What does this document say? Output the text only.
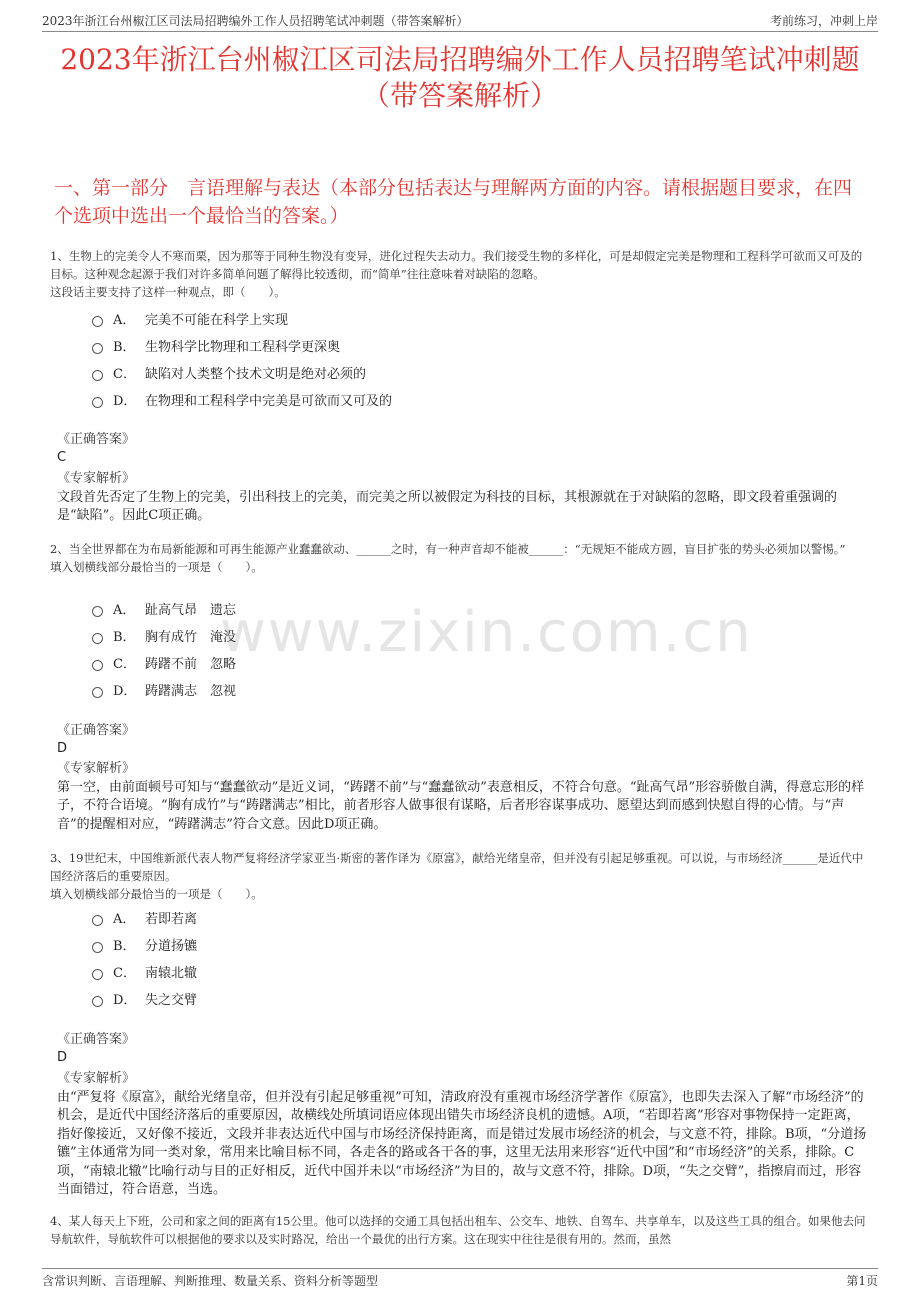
2023年浙江台州椒江区司法局招聘编外工作人员招聘笔试冲刺题（带答案解析）	考前练习，冲刺上岸
2023年浙江台州椒江区司法局招聘编外工作人员招聘笔试冲刺题（带答案解析）
一、第一部分　言语理解与表达（本部分包括表达与理解两方面的内容。请根据题目要求，在四个选项中选出一个最恰当的答案。）
www.zixin.com.cn
1、生物上的完美令人不寒而栗，因为那等于同种生物没有变异，进化过程失去动力。我们接受生物的多样化，可是却假定完美是物理和工程科学可欲而又可及的目标。这种观念起源于我们对许多简单问题了解得比较透彻，而“简单”往往意味着对缺陷的忽略。
这段话主要支持了这样一种观点，即（　　）。
A． 完美不可能在科学上实现
B． 生物科学比物理和工程科学更深奥
C． 缺陷对人类整个技术文明是绝对必须的
D． 在物理和工程科学中完美是可欲而又可及的
《正确答案》
C
《专家解析》
文段首先否定了生物上的完美，引出科技上的完美，而完美之所以被假定为科技的目标，其根源就在于对缺陷的忽略，即文段着重强调的是“缺陷”。因此C项正确。
2、当全世界都在为布局新能源和可再生能源产业蠢蠢欲动、______之时，有一种声音却不能被______：“无规矩不能成方圆，盲目扩张的势头必须加以警惕。”
填入划横线部分最恰当的一项是（　　）。
A． 趾高气昂　遗忘
B． 胸有成竹　淹没
C． 踌躇不前　忽略
D． 踌躇满志　忽视
《正确答案》
D
《专家解析》
第一空，由前面顿号可知与“蠢蠢欲动”是近义词，“踌躇不前”与“蠢蠢欲动”表意相反，不符合句意。“趾高气昂”形容骄傲自满，得意忘形的样子，不符合语境。“胸有成竹”与“踌躇满志”相比，前者形容人做事很有谋略，后者形容谋事成功、愿望达到而感到快慰自得的心情。与“声音”的提醒相对应，“踌躇满志”符合文意。因此D项正确。
3、19世纪末，中国维新派代表人物严复将经济学家亚当·斯密的著作译为《原富》，献给光绪皇帝，但并没有引起足够重视。可以说，与市场经济______是近代中国经济落后的重要原因。
填入划横线部分最恰当的一项是（　　）。
A． 若即若离
B． 分道扬镳
C． 南辕北辙
D． 失之交臂
《正确答案》
D
《专家解析》
由“严复将《原富》，献给光绪皇帝，但并没有引起足够重视”可知，清政府没有重视市场经济学著作《原富》，也即失去深入了解“市场经济”的机会，是近代中国经济落后的重要原因，故横线处所填词语应体现出错失市场经济良机的遗憾。A项，“若即若离”形容对事物保持一定距离，指好像接近，又好像不接近，文段并非表达近代中国与市场经济保持距离，而是错过发展市场经济的机会，与文意不符，排除。B项，“分道扬镳”主体通常为同一类对象，常用来比喻目标不同，各走各的路或各干各的事，这里无法用来形容“近代中国”和“市场经济”的关系，排除。C项，“南辕北辙”比喻行动与目的正好相反，近代中国并未以“市场经济”为目的，故与文意不符，排除。D项，“失之交臂”，指擦肩而过，形容当面错过，符合语意，当选。
4、某人每天上下班，公司和家之间的距离有15公里。他可以选择的交通工具包括出租车、公交车、地铁、自驾车、共享单车，以及这些工具的组合。如果他去问导航软件，导航软件可以根据他的要求以及实时路况，给出一个最优的出行方案。这在现实中往往是很有用的。然而，虽然
含常识判断、言语理解、判断推理、数量关系、资料分析等题型	第1页
